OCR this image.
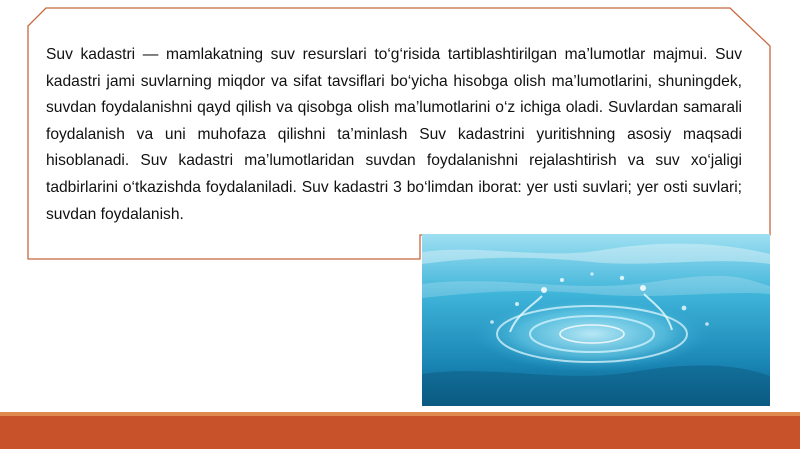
Suv kadastri — mamlakatning suv resurslari to‘g‘risida tartiblashtirilgan ma’lumotlar majmui. Suv kadastri jami suvlarning miqdor va sifat tavsiflari bo‘yicha hisobga olish ma’lumotlarini, shuningdek, suvdan foydalanishni qayd qilish va qisobga olish ma’lumotlarini o‘z ichiga oladi. Suvlardan samarali foydalanish va uni muhofaza qilishni ta’minlash Suv kadastrini yuritishning asosiy maqsadi hisoblanadi. Suv kadastri ma’lumotlaridan suvdan foydalanishni rejalashtirish va suv xo‘jaligi tadbirlarini o‘tkazishda foydalaniladi. Suv kadastri 3 bo‘limdan iborat: yer usti suvlari; yer osti suvlari; suvdan foydalanish.
